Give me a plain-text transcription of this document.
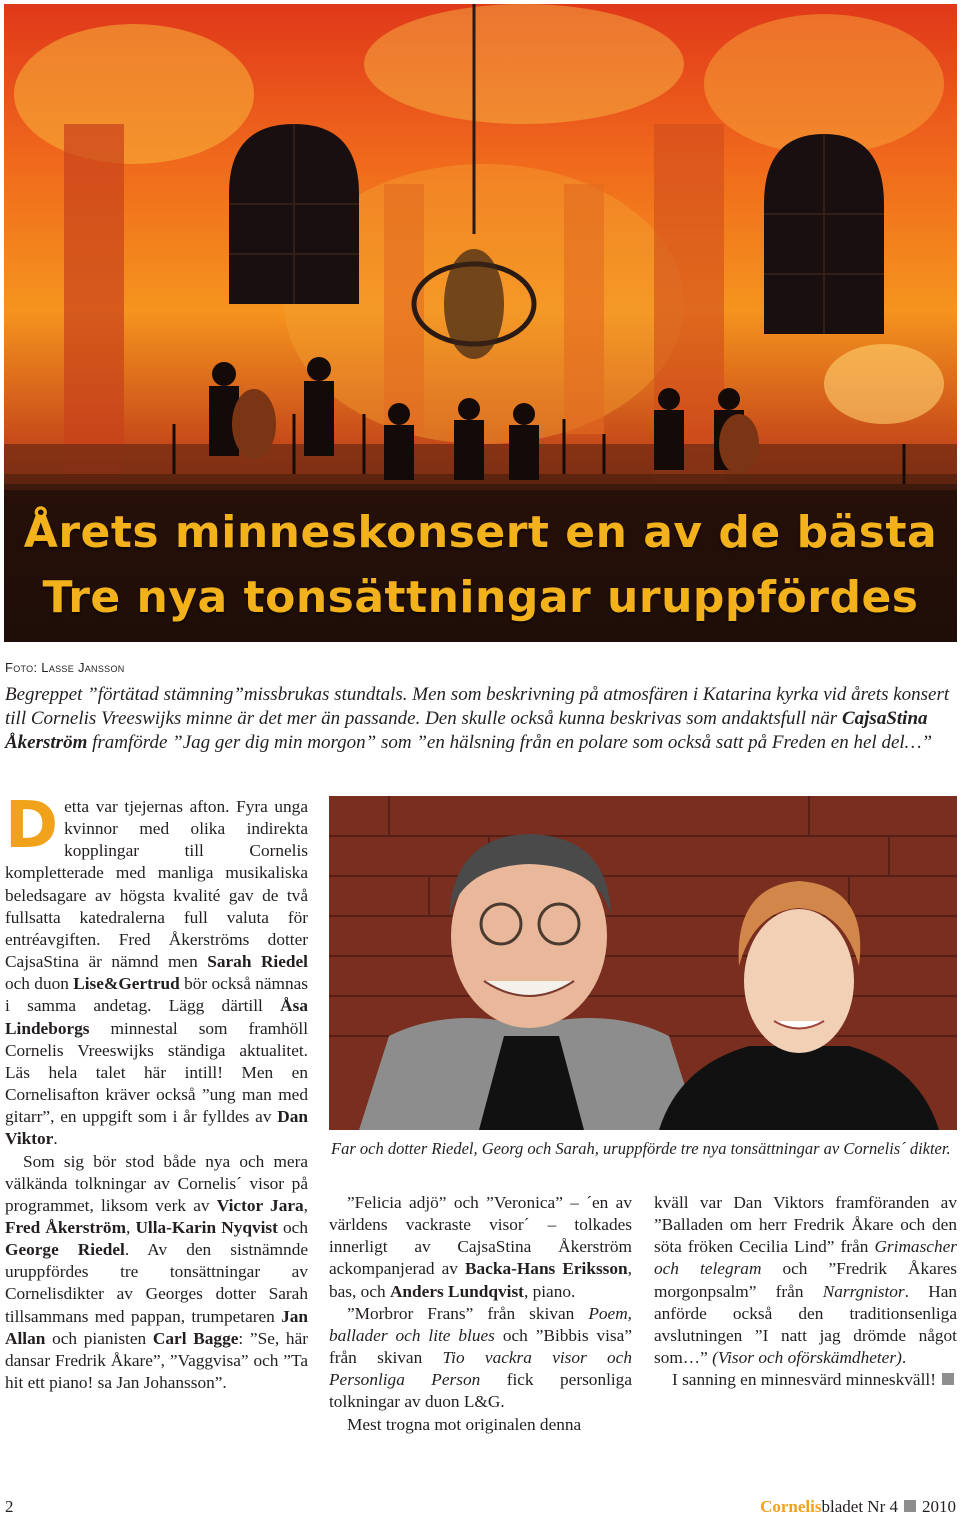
Årets minneskonsert en av de bästa
Tre nya tonsättningar uruppfördes
Foto: Lasse Jansson

Begreppet ”förtätad stämning”missbrukas stundtals. Men som beskrivning på atmosfären i Katarina kyrka vid årets konsert till Cornelis Vreeswijks minne är det mer än passande. Den skulle också kunna beskrivas som andaktsfull när CajsaStina Åkerström framförde ”Jag ger dig min morgon” som ”en hälsning från en polare som också satt på Freden en hel del…”

Detta var tjejernas afton. Fyra unga kvinnor med olika indirekta kopplingar till Cornelis kompletterade med manliga musikaliska beledsagare av högsta kvalité gav de två fullsatta katedralerna full valuta för entréavgiften. Fred Åkerströms dotter CajsaStina är nämnd men Sarah Riedel och duon Lise&Gertrud bör också nämnas i samma andetag. Lägg därtill Åsa Lindeborgs minnestal som framhöll Cornelis Vreeswijks ständiga aktualitet. Läs hela talet här intill! Men en Cornelisafton kräver också ”ung man med gitarr”, en uppgift som i år fylldes av Dan Viktor.

Som sig bör stod både nya och mera välkända tolkningar av Cornelis´ visor på programmet, liksom verk av Victor Jara, Fred Åkerström, Ulla-Karin Nyqvist och George Riedel. Av den sistnämnde uruppfördes tre tonsättningar av Cornelisdikter av Georges dotter Sarah tillsammans med pappan, trumpetaren Jan Allan och pianisten Carl Bagge: ”Se, här dansar Fredrik Åkare”, ”Vaggvisa” och ”Ta hit ett piano! sa Jan Johansson”.

Far och dotter Riedel, Georg och Sarah, uruppförde tre nya tonsättningar av Cornelis´ dikter.

”Felicia adjö” och ”Veronica” – ´en av världens vackraste visor´ – tolkades innerligt av CajsaStina Åkerström ackompanjerad av Backa-Hans Eriksson, bas, och Anders Lundqvist, piano.

”Morbror Frans” från skivan Poem, ballader och lite blues och ”Bibbis visa” från skivan Tio vackra visor och Personliga Person fick personliga tolkningar av duon L&G.

Mest trogna mot originalen denna

kväll var Dan Viktors framföranden av ”Balladen om herr Fredrik Åkare och den söta fröken Cecilia Lind” från Grimascher och telegram och ”Fredrik Åkares morgonpsalm” från Narrgnistor. Han anförde också den traditionsenliga avslutningen ”I natt jag drömde något som…” (Visor och oförskämdheter).

I sanning en minnesvärd minneskväll!

2	Cornelisbladet Nr 4 2010
